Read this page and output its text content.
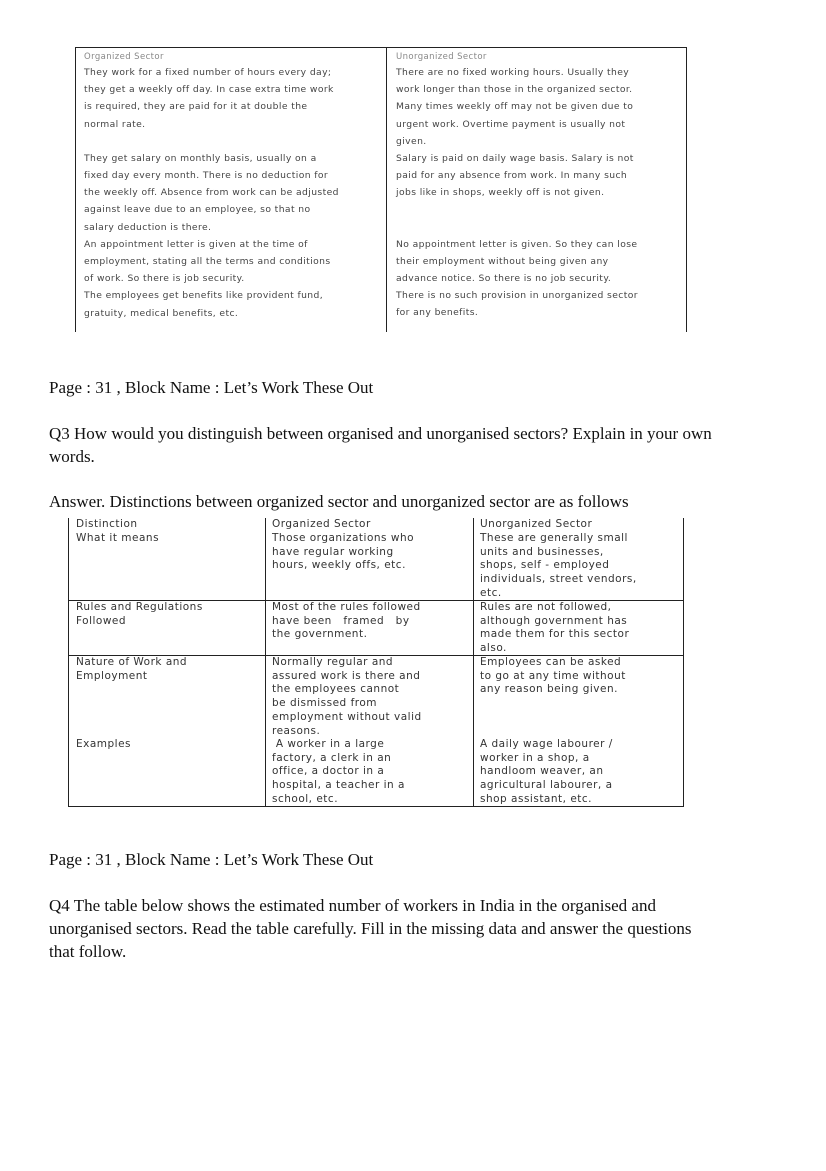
Organized Sector
They work for a fixed number of hours every day;
they get a weekly off day. In case extra time work
is required, they are paid for it at double the
normal rate.
They get salary on monthly basis, usually on a
fixed day every month. There is no deduction for
the weekly off. Absence from work can be adjusted
against leave due to an employee, so that no
salary deduction is there.
An appointment letter is given at the time of
employment, stating all the terms and conditions
of work. So there is job security.
The employees get benefits like provident fund,
gratuity, medical benefits, etc.
Unorganized Sector
There are no fixed working hours. Usually they
work longer than those in the organized sector.
Many times weekly off may not be given due to
urgent work. Overtime payment is usually not
given.
Salary is paid on daily wage basis. Salary is not
paid for any absence from work. In many such
jobs like in shops, weekly off is not given.
No appointment letter is given. So they can lose
their employment without being given any
advance notice. So there is no job security.
There is no such provision in unorganized sector
for any benefits.
Page : 31 , Block Name : Let’s Work These Out
Q3 How would you distinguish between organised and unorganised sectors? Explain in your own
words.
Answer. Distinctions between organized sector and unorganized sector are as follows
Distinction
What it means
Rules and Regulations
Followed
Nature of Work and
Employment
Examples
Organized Sector
Those organizations who
have regular working
hours, weekly offs, etc.
Most of the rules followed
have been   framed   by
the government.
Normally regular and
assured work is there and
the employees cannot
be dismissed from
employment without valid
reasons.
A worker in a large
factory, a clerk in an
office, a doctor in a
hospital, a teacher in a
school, etc.
Unorganized Sector
These are generally small
units and businesses,
shops, self - employed
individuals, street vendors,
etc.
Rules are not followed,
although government has
made them for this sector
also.
Employees can be asked
to go at any time without
any reason being given.
A daily wage labourer /
worker in a shop, a
handloom weaver, an
agricultural labourer, a
shop assistant, etc.
Page : 31 , Block Name : Let’s Work These Out
Q4 The table below shows the estimated number of workers in India in the organised and
unorganised sectors. Read the table carefully. Fill in the missing data and answer the questions
that follow.
